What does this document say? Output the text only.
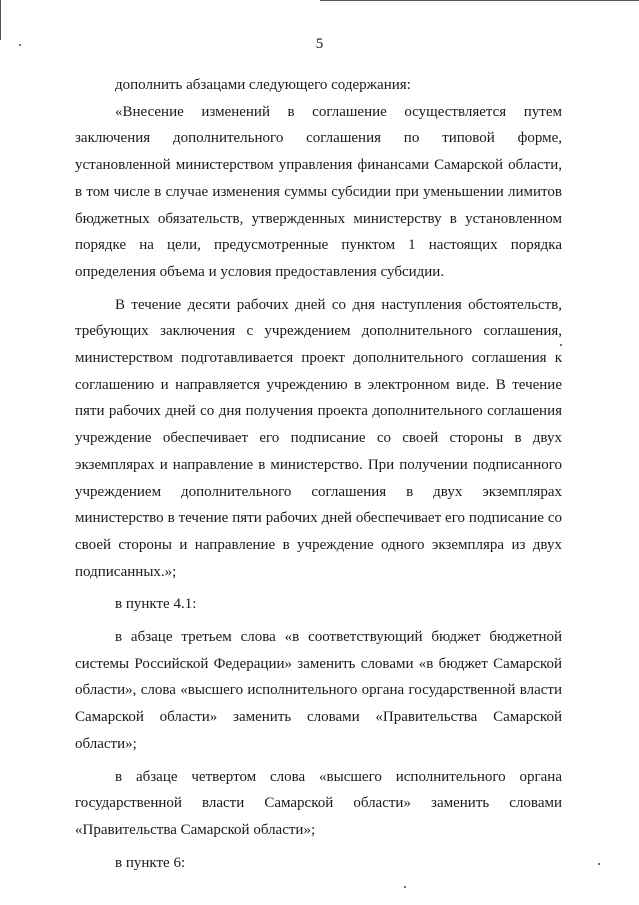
5

дополнить абзацами следующего содержания:

«Внесение изменений в соглашение осуществляется путем заключения дополнительного соглашения по типовой форме, установленной министерством управления финансами Самарской области, в том числе в случае изменения суммы субсидии при уменьшении лимитов бюджетных обязательств, утвержденных министерству в установленном порядке на цели, предусмотренные пунктом 1 настоящих порядка определения объема и условия предоставления субсидии.

В течение десяти рабочих дней со дня наступления обстоятельств, требующих заключения с учреждением дополнительного соглашения, министерством подготавливается проект дополнительного соглашения к соглашению и направляется учреждению в электронном виде. В течение пяти рабочих дней со дня получения проекта дополнительного соглашения учреждение обеспечивает его подписание со своей стороны в двух экземплярах и направление в министерство. При получении подписанного учреждением дополнительного соглашения в двух экземплярах министерство в течение пяти рабочих дней обеспечивает его подписание со своей стороны и направление в учреждение одного экземпляра из двух подписанных.»;

в пункте 4.1:

в абзаце третьем слова «в соответствующий бюджет бюджетной системы Российской Федерации» заменить словами «в бюджет Самарской области», слова «высшего исполнительного органа государственной власти Самарской области» заменить словами «Правительства Самарской области»;

в абзаце четвертом слова «высшего исполнительного органа государственной власти Самарской области» заменить словами «Правительства Самарской области»;

в пункте 6:
